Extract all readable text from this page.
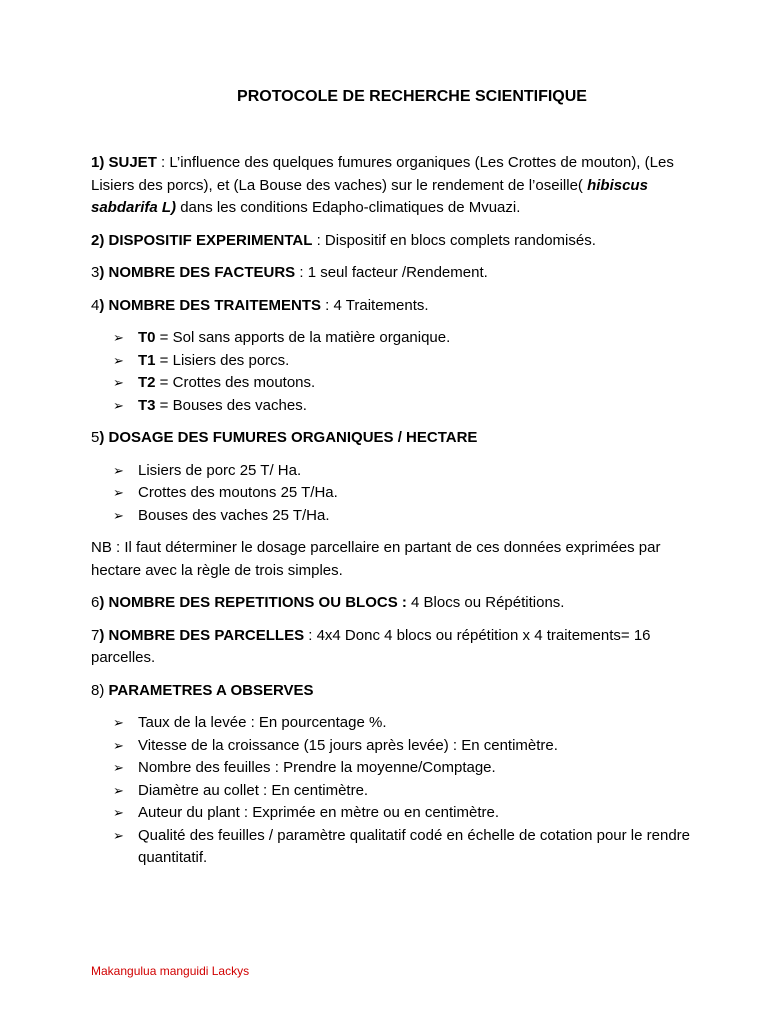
PROTOCOLE DE RECHERCHE SCIENTIFIQUE

1) SUJET : L’influence des quelques fumures organiques (Les Crottes de mouton), (Les Lisiers des porcs), et (La Bouse des vaches) sur le rendement de l’oseille( hibiscus sabdarifa L) dans les conditions Edapho-climatiques de Mvuazi.

2) DISPOSITIF EXPERIMENTAL : Dispositif en blocs complets randomisés.

3) NOMBRE DES FACTEURS : 1 seul facteur /Rendement.

4) NOMBRE DES TRAITEMENTS : 4 Traitements.

➢ T0 = Sol sans apports de la matière organique.
➢ T1 = Lisiers des porcs.
➢ T2 = Crottes des moutons.
➢ T3 = Bouses des vaches.

5) DOSAGE DES FUMURES ORGANIQUES / HECTARE

➢ Lisiers de porc 25 T/ Ha.
➢ Crottes des moutons 25 T/Ha.
➢ Bouses des vaches 25 T/Ha.

NB : Il faut déterminer le dosage parcellaire en partant de ces données exprimées par hectare avec la règle de trois simples.

6) NOMBRE DES REPETITIONS OU BLOCS : 4 Blocs ou Répétitions.

7) NOMBRE DES PARCELLES : 4x4 Donc 4 blocs ou répétition x 4 traitements= 16 parcelles.

8) PARAMETRES A OBSERVES

➢ Taux de la levée : En pourcentage %.
➢ Vitesse de la croissance (15 jours après levée) : En centimètre.
➢ Nombre des feuilles : Prendre la moyenne/Comptage.
➢ Diamètre au collet : En centimètre.
➢ Auteur du plant : Exprimée en mètre ou en centimètre.
➢ Qualité des feuilles / paramètre qualitatif codé en échelle de cotation pour le rendre quantitatif.
Makangulua manguidi Lackys
